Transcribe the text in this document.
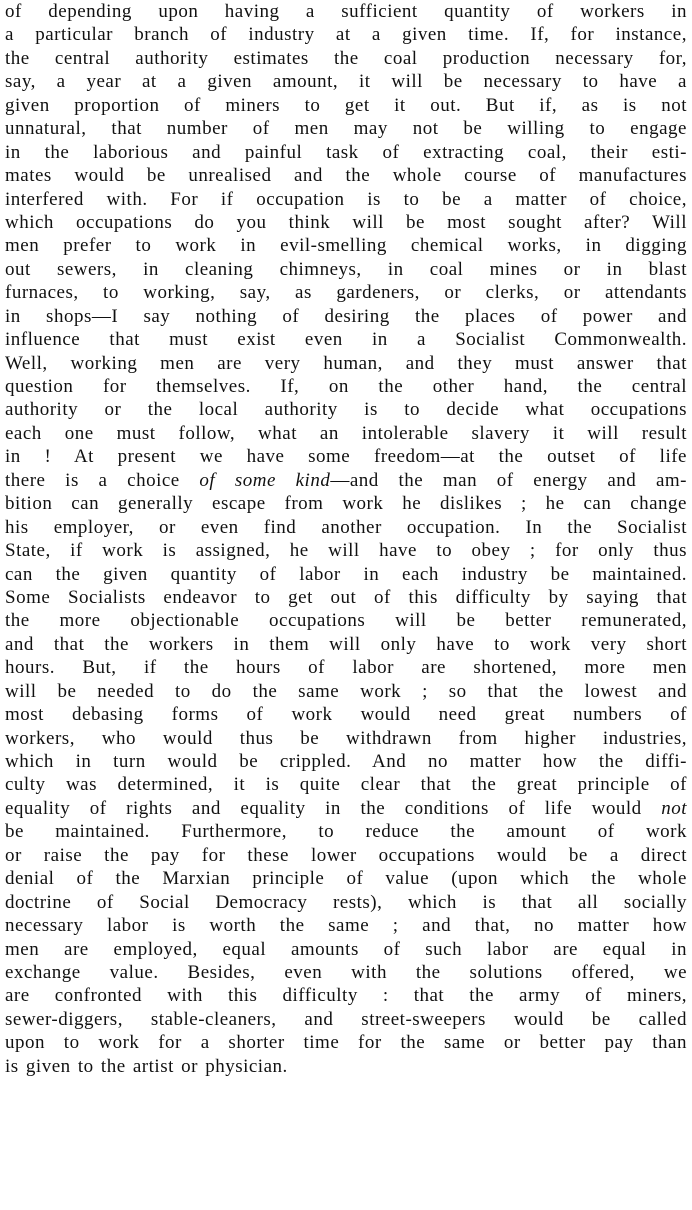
of depending upon having a sufficient quantity of workers in
a particular branch of industry at a given time. If, for instance,
the central authority estimates the coal production necessary for,
say, a year at a given amount, it will be necessary to have a
given proportion of miners to get it out. But if, as is not
unnatural, that number of men may not be willing to engage
in the laborious and painful task of extracting coal, their esti-
mates would be unrealised and the whole course of manufactures
interfered with. For if occupation is to be a matter of choice,
which occupations do you think will be most sought after? Will
men prefer to work in evil-smelling chemical works, in digging
out sewers, in cleaning chimneys, in coal mines or in blast
furnaces, to working, say, as gardeners, or clerks, or attendants
in shops—I say nothing of desiring the places of power and
influence that must exist even in a Socialist Commonwealth.
Well, working men are very human, and they must answer that
question for themselves. If, on the other hand, the central
authority or the local authority is to decide what occupations
each one must follow, what an intolerable slavery it will result
in ! At present we have some freedom—at the outset of life
there is a choice of some kind—and the man of energy and am-
bition can generally escape from work he dislikes ; he can change
his employer, or even find another occupation. In the Socialist
State, if work is assigned, he will have to obey ; for only thus
can the given quantity of labor in each industry be maintained.
Some Socialists endeavor to get out of this difficulty by saying that
the more objectionable occupations will be better remunerated,
and that the workers in them will only have to work very short
hours. But, if the hours of labor are shortened, more men
will be needed to do the same work ; so that the lowest and
most debasing forms of work would need great numbers of
workers, who would thus be withdrawn from higher industries,
which in turn would be crippled. And no matter how the diffi-
culty was determined, it is quite clear that the great principle of
equality of rights and equality in the conditions of life would not
be maintained. Furthermore, to reduce the amount of work
or raise the pay for these lower occupations would be a direct
denial of the Marxian principle of value (upon which the whole
doctrine of Social Democracy rests), which is that all socially
necessary labor is worth the same ; and that, no matter how
men are employed, equal amounts of such labor are equal in
exchange value. Besides, even with the solutions offered, we
are confronted with this difficulty : that the army of miners,
sewer-diggers, stable-cleaners, and street-sweepers would be called
upon to work for a shorter time for the same or better pay than
is given to the artist or physician.
